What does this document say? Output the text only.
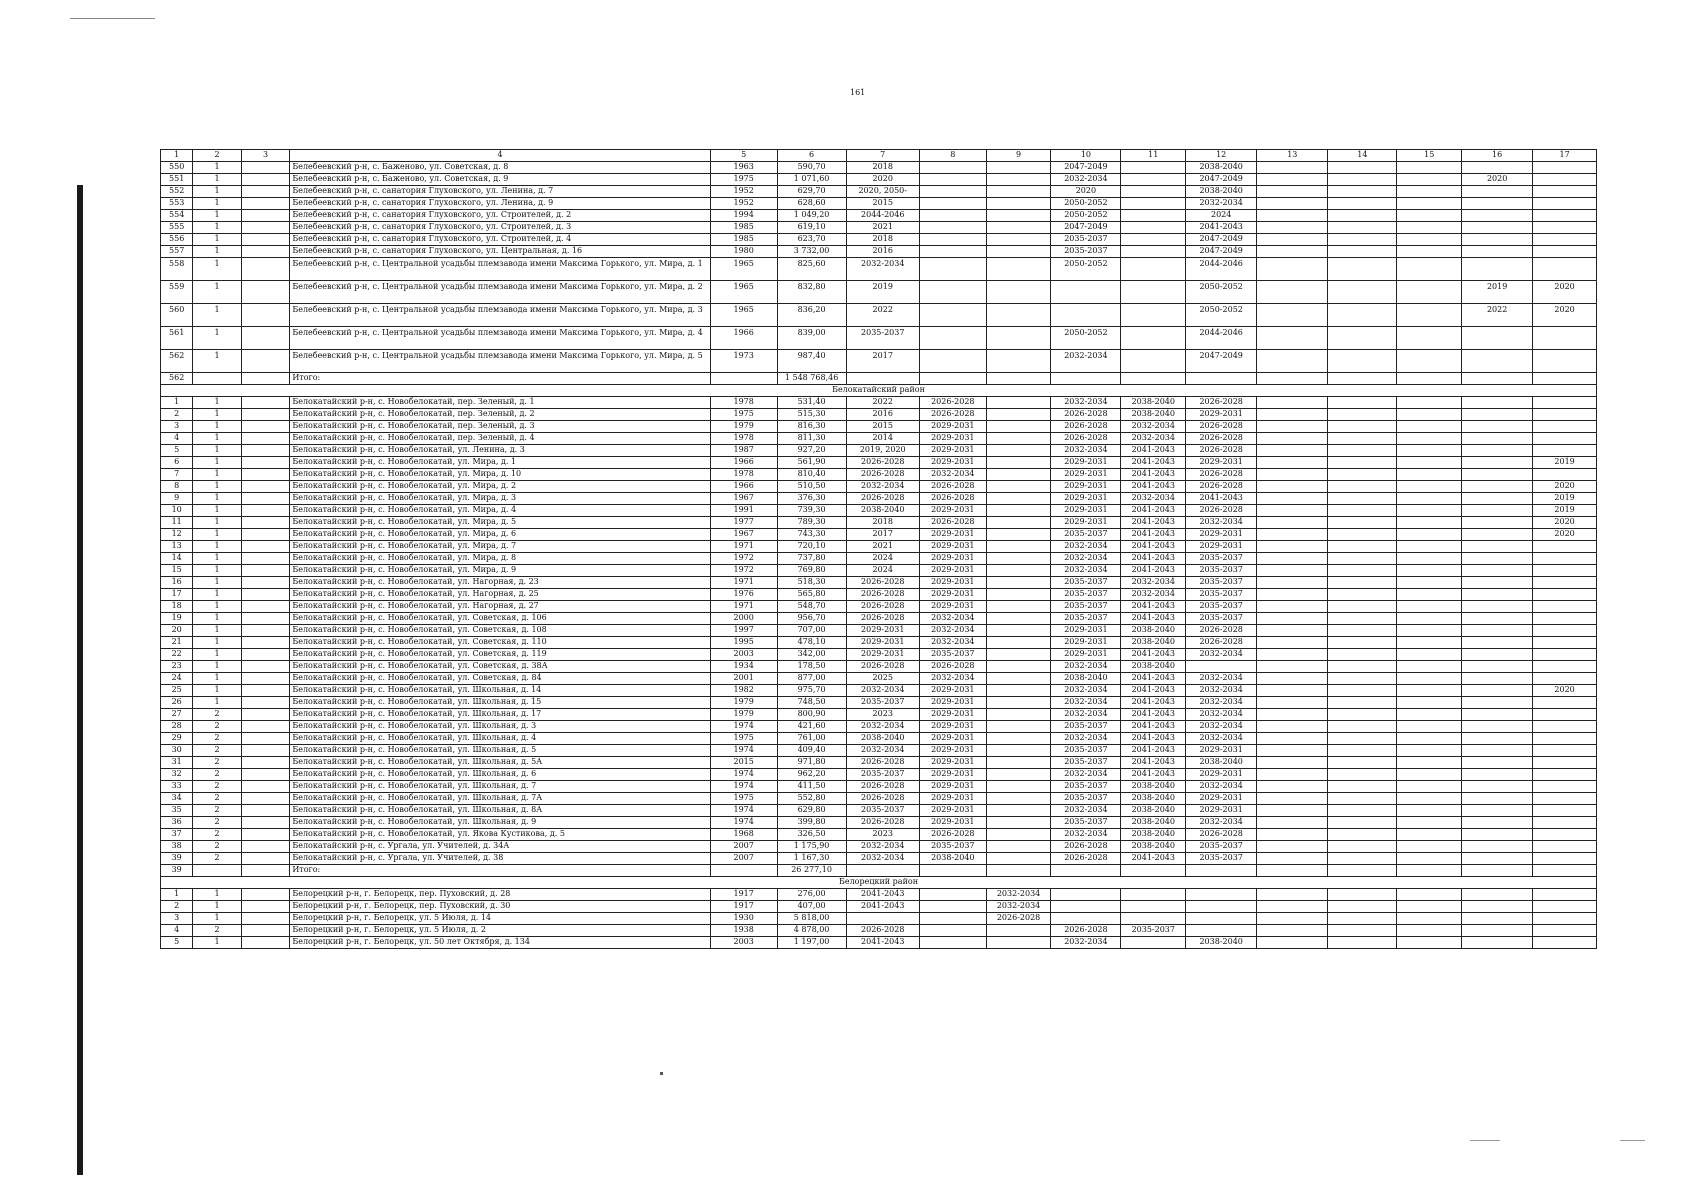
161
1	2	3	4	5	6	7	8	9	10	11	12	13	14	15	16	17
550	1		Белебеевский р-н, с. Баженово, ул. Советская, д. 8	1963	590,70	2018			2047-2049		2038-2040					
551	1		Белебеевский р-н, с. Баженово, ул. Советская, д. 9	1975	1 071,60	2020			2032-2034		2047-2049				2020	
552	1		Белебеевский р-н, с. санатория Глуховского, ул. Ленина, д. 7	1952	629,70	2020, 2050-			2020		2038-2040					
553	1		Белебеевский р-н, с. санатория Глуховского, ул. Ленина, д. 9	1952	628,60	2015			2050-2052		2032-2034					
554	1		Белебеевский р-н, с. санатория Глуховского, ул. Строителей, д. 2	1994	1 049,20	2044-2046			2050-2052		2024					
555	1		Белебеевский р-н, с. санатория Глуховского, ул. Строителей, д. 3	1985	619,10	2021			2047-2049		2041-2043					
556	1		Белебеевский р-н, с. санатория Глуховского, ул. Строителей, д. 4	1985	623,70	2018			2035-2037		2047-2049					
557	1		Белебеевский р-н, с. санатория Глуховского, ул. Центральная, д. 16	1980	3 732,00	2016			2035-2037		2047-2049					
558	1		Белебеевский р-н, с. Центральной усадьбы племзавода имени Максима Горького, ул. Мира, д. 1	1965	825,60	2032-2034			2050-2052		2044-2046					
559	1		Белебеевский р-н, с. Центральной усадьбы племзавода имени Максима Горького, ул. Мира, д. 2	1965	832,80	2019					2050-2052				2019	2020
560	1		Белебеевский р-н, с. Центральной усадьбы племзавода имени Максима Горького, ул. Мира, д. 3	1965	836,20	2022					2050-2052				2022	2020
561	1		Белебеевский р-н, с. Центральной усадьбы племзавода имени Максима Горького, ул. Мира, д. 4	1966	839,00	2035-2037			2050-2052		2044-2046					
562	1		Белебеевский р-н, с. Центральной усадьбы племзавода имени Максима Горького, ул. Мира, д. 5	1973	987,40	2017			2032-2034		2047-2049					
562			Итого:		1 548 768,46											
Белокатайский район																
1	1		Белокатайский р-н, с. Новобелокатай, пер. Зеленый, д. 1	1978	531,40	2022	2026-2028		2032-2034	2038-2040	2026-2028					
2	1		Белокатайский р-н, с. Новобелокатай, пер. Зеленый, д. 2	1975	515,30	2016	2026-2028		2026-2028	2038-2040	2029-2031					
3	1		Белокатайский р-н, с. Новобелокатай, пер. Зеленый, д. 3	1979	816,30	2015	2029-2031		2026-2028	2032-2034	2026-2028					
4	1		Белокатайский р-н, с. Новобелокатай, пер. Зеленый, д. 4	1978	811,30	2014	2029-2031		2026-2028	2032-2034	2026-2028					
5	1		Белокатайский р-н, с. Новобелокатай, ул. Ленина, д. 3	1987	927,20	2019, 2020	2029-2031		2032-2034	2041-2043	2026-2028					
6	1		Белокатайский р-н, с. Новобелокатай, ул. Мира, д. 1	1966	561,90	2026-2028	2029-2031		2029-2031	2041-2043	2029-2031					2019
7	1		Белокатайский р-н, с. Новобелокатай, ул. Мира, д. 10	1978	810,40	2026-2028	2032-2034		2029-2031	2041-2043	2026-2028					
8	1		Белокатайский р-н, с. Новобелокатай, ул. Мира, д. 2	1966	510,50	2032-2034	2026-2028		2029-2031	2041-2043	2026-2028					2020
9	1		Белокатайский р-н, с. Новобелокатай, ул. Мира, д. 3	1967	376,30	2026-2028	2026-2028		2029-2031	2032-2034	2041-2043					2019
10	1		Белокатайский р-н, с. Новобелокатай, ул. Мира, д. 4	1991	739,30	2038-2040	2029-2031		2029-2031	2041-2043	2026-2028					2019
11	1		Белокатайский р-н, с. Новобелокатай, ул. Мира, д. 5	1977	789,30	2018	2026-2028		2029-2031	2041-2043	2032-2034					2020
12	1		Белокатайский р-н, с. Новобелокатай, ул. Мира, д. 6	1967	743,30	2017	2029-2031		2035-2037	2041-2043	2029-2031					2020
13	1		Белокатайский р-н, с. Новобелокатай, ул. Мира, д. 7	1971	720,10	2021	2029-2031		2032-2034	2041-2043	2029-2031					
14	1		Белокатайский р-н, с. Новобелокатай, ул. Мира, д. 8	1972	737,80	2024	2029-2031		2032-2034	2041-2043	2035-2037					
15	1		Белокатайский р-н, с. Новобелокатай, ул. Мира, д. 9	1972	769,80	2024	2029-2031		2032-2034	2041-2043	2035-2037					
16	1		Белокатайский р-н, с. Новобелокатай, ул. Нагорная, д. 23	1971	518,30	2026-2028	2029-2031		2035-2037	2032-2034	2035-2037					
17	1		Белокатайский р-н, с. Новобелокатай, ул. Нагорная, д. 25	1976	565,80	2026-2028	2029-2031		2035-2037	2032-2034	2035-2037					
18	1		Белокатайский р-н, с. Новобелокатай, ул. Нагорная, д. 27	1971	548,70	2026-2028	2029-2031		2035-2037	2041-2043	2035-2037					
19	1		Белокатайский р-н, с. Новобелокатай, ул. Советская, д. 106	2000	956,70	2026-2028	2032-2034		2035-2037	2041-2043	2035-2037					
20	1		Белокатайский р-н, с. Новобелокатай, ул. Советская, д. 108	1997	707,00	2029-2031	2032-2034		2029-2031	2038-2040	2026-2028					
21	1		Белокатайский р-н, с. Новобелокатай, ул. Советская, д. 110	1995	478,10	2029-2031	2032-2034		2029-2031	2038-2040	2026-2028					
22	1		Белокатайский р-н, с. Новобелокатай, ул. Советская, д. 119	2003	342,00	2029-2031	2035-2037		2029-2031	2041-2043	2032-2034					
23	1		Белокатайский р-н, с. Новобелокатай, ул. Советская, д. 38А	1934	178,50	2026-2028	2026-2028		2032-2034	2038-2040						
24	1		Белокатайский р-н, с. Новобелокатай, ул. Советская, д. 84	2001	877,00	2025	2032-2034		2038-2040	2041-2043	2032-2034					
25	1		Белокатайский р-н, с. Новобелокатай, ул. Школьная, д. 14	1982	975,70	2032-2034	2029-2031		2032-2034	2041-2043	2032-2034					2020
26	1		Белокатайский р-н, с. Новобелокатай, ул. Школьная, д. 15	1979	748,50	2035-2037	2029-2031		2032-2034	2041-2043	2032-2034					
27	2		Белокатайский р-н, с. Новобелокатай, ул. Школьная, д. 17	1979	800,90	2023	2029-2031		2032-2034	2041-2043	2032-2034					
28	2		Белокатайский р-н, с. Новобелокатай, ул. Школьная, д. 3	1974	421,60	2032-2034	2029-2031		2035-2037	2041-2043	2032-2034					
29	2		Белокатайский р-н, с. Новобелокатай, ул. Школьная, д. 4	1975	761,00	2038-2040	2029-2031		2032-2034	2041-2043	2032-2034					
30	2		Белокатайский р-н, с. Новобелокатай, ул. Школьная, д. 5	1974	409,40	2032-2034	2029-2031		2035-2037	2041-2043	2029-2031					
31	2		Белокатайский р-н, с. Новобелокатай, ул. Школьная, д. 5А	2015	971,80	2026-2028	2029-2031		2035-2037	2041-2043	2038-2040					
32	2		Белокатайский р-н, с. Новобелокатай, ул. Школьная, д. 6	1974	962,20	2035-2037	2029-2031		2032-2034	2041-2043	2029-2031					
33	2		Белокатайский р-н, с. Новобелокатай, ул. Школьная, д. 7	1974	411,50	2026-2028	2029-2031		2035-2037	2038-2040	2032-2034					
34	2		Белокатайский р-н, с. Новобелокатай, ул. Школьная, д. 7А	1975	552,80	2026-2028	2029-2031		2035-2037	2038-2040	2029-2031					
35	2		Белокатайский р-н, с. Новобелокатай, ул. Школьная, д. 8А	1974	629,80	2035-2037	2029-2031		2032-2034	2038-2040	2029-2031					
36	2		Белокатайский р-н, с. Новобелокатай, ул. Школьная, д. 9	1974	399,80	2026-2028	2029-2031		2035-2037	2038-2040	2032-2034					
37	2		Белокатайский р-н, с. Новобелокатай, ул. Якова Кустикова, д. 5	1968	326,50	2023	2026-2028		2032-2034	2038-2040	2026-2028					
38	2		Белокатайский р-н, с. Ургала, ул. Учителей, д. 34А	2007	1 175,90	2032-2034	2035-2037		2026-2028	2038-2040	2035-2037					
39	2		Белокатайский р-н, с. Ургала, ул. Учителей, д. 38	2007	1 167,30	2032-2034	2038-2040		2026-2028	2041-2043	2035-2037					
39			Итого:		26 277,10											
Белорецкий район																
1	1		Белорецкий р-н, г. Белорецк, пер. Пуховский, д. 28	1917	276,00	2041-2043		2032-2034								
2	1		Белорецкий р-н, г. Белорецк, пер. Пуховский, д. 30	1917	407,00	2041-2043		2032-2034								
3	1		Белорецкий р-н, г. Белорецк, ул. 5 Июля, д. 14	1930	5 818,00			2026-2028								
4	2		Белорецкий р-н, г. Белорецк, ул. 5 Июля, д. 2	1938	4 878,00	2026-2028			2026-2028	2035-2037						
5	1		Белорецкий р-н, г. Белорецк, ул. 50 лет Октября, д. 134	2003	1 197,00	2041-2043			2032-2034		2038-2040					
